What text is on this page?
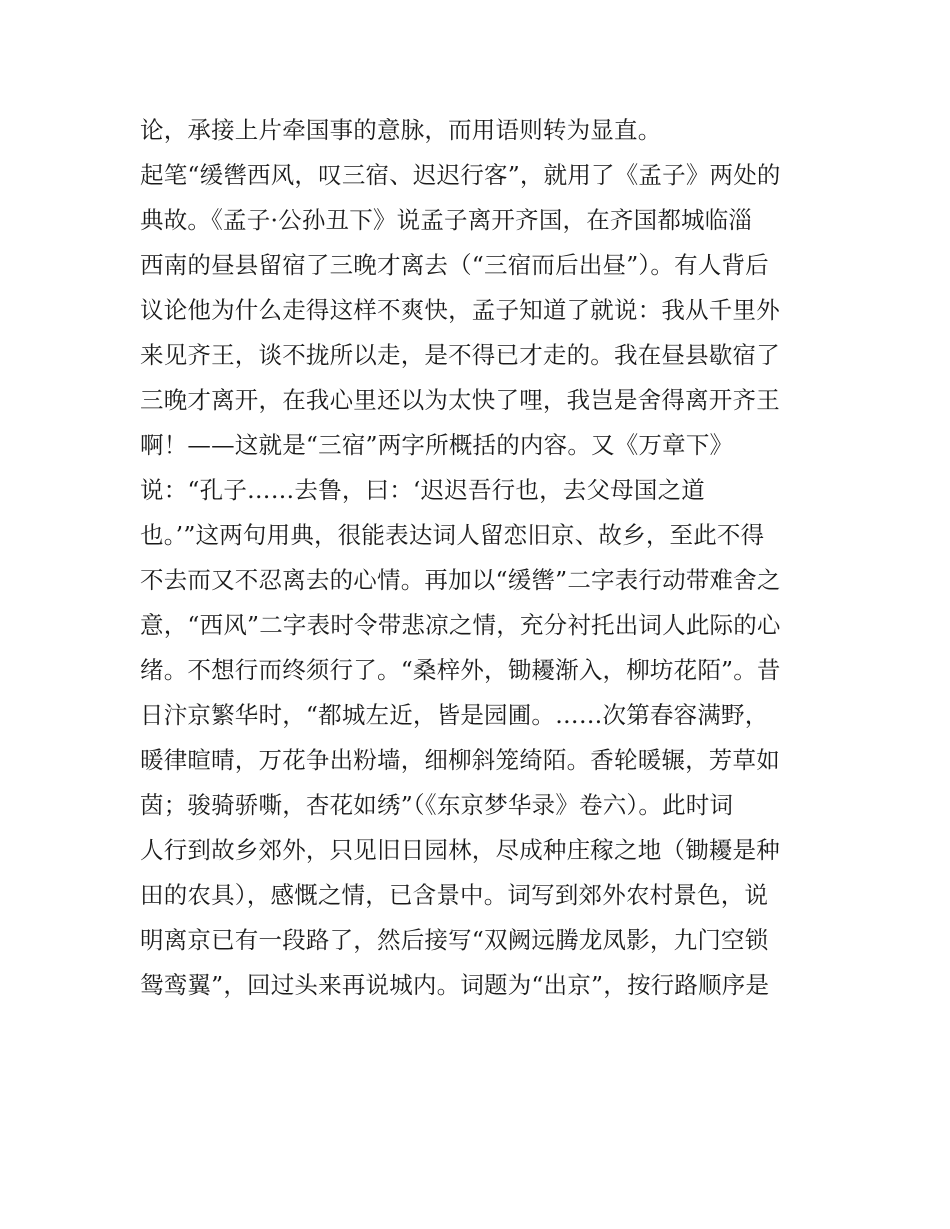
论，承接上片牵国事的意脉，而用语则转为显直。
起笔“缓辔西风，叹三宿、迟迟行客”，就用了《孟子》两处的
典故。《孟子·公孙丑下》说孟子离开齐国，在齐国都城临淄
西南的昼县留宿了三晚才离去（“三宿而后出昼”）。有人背后
议论他为什么走得这样不爽快，孟子知道了就说：我从千里外
来见齐王，谈不拢所以走，是不得已才走的。我在昼县歇宿了
三晚才离开，在我心里还以为太快了哩，我岂是舍得离开齐王
啊！——这就是“三宿”两字所概括的内容。又《万章下》
说：“孔子……去鲁，曰：‘迟迟吾行也，去父母国之道
也。’”这两句用典，很能表达词人留恋旧京、故乡，至此不得
不去而又不忍离去的心情。再加以“缓辔”二字表行动带难舍之
意，“西风”二字表时令带悲凉之情，充分衬托出词人此际的心
绪。不想行而终须行了。“桑梓外，锄耰渐入，柳坊花陌”。昔
日汴京繁华时，“都城左近，皆是园圃。……次第春容满野，
暖律暄晴，万花争出粉墙，细柳斜笼绮陌。香轮暖辗，芳草如
茵；骏骑骄嘶，杏花如绣”（《东京梦华录》卷六）。此时词
人行到故乡郊外，只见旧日园林，尽成种庄稼之地（锄耰是种
田的农具），感慨之情，已含景中。词写到郊外农村景色，说
明离京已有一段路了，然后接写“双阙远腾龙凤影，九门空锁
鸳鸾翼”，回过头来再说城内。词题为“出京”，按行路顺序是
